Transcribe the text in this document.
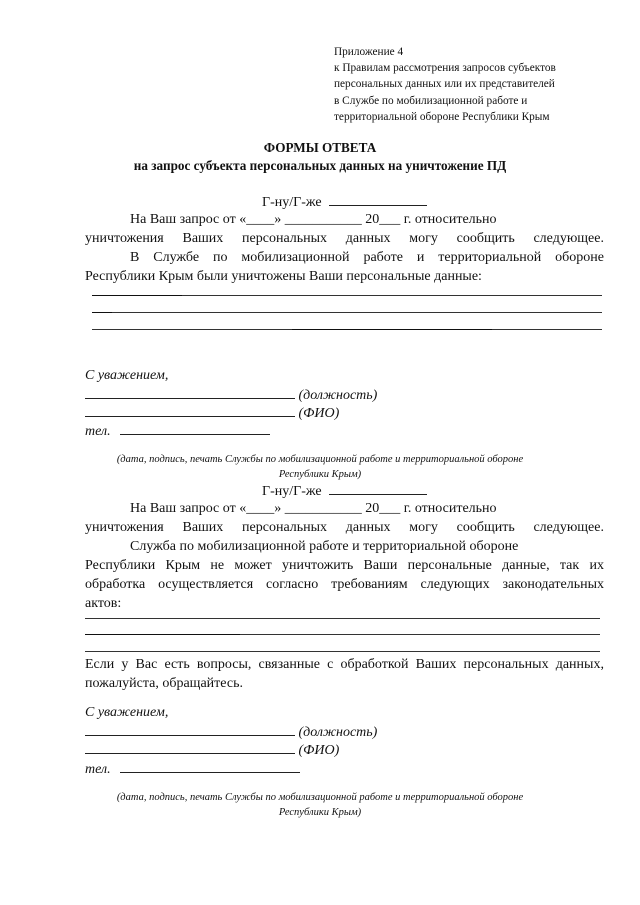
Приложение 4
к Правилам рассмотрения запросов субъектов
персональных данных или их представителей
в Службе по мобилизационной работе и
территориальной обороне Республики Крым
ФОРМЫ ОТВЕТА
на запрос субъекта персональных данных на уничтожение ПД
Г-ну/Г-же
На Ваш запрос от «____» ___________ 20___ г. относительно
уничтожения Ваших персональных данных могу сообщить следующее.
В Службе по мобилизационной работе и территориальной обороне
Республики Крым были уничтожены Ваши персональные данные:
С уважением,
(должность)
(ФИО)
тел.
(дата, подпись, печать Службы по мобилизационной работе и территориальной обороне
Республики Крым)
Г-ну/Г-же
На Ваш запрос от «____» ___________ 20___ г. относительно
уничтожения Ваших персональных данных могу сообщить следующее.
Служба по мобилизационной работе и территориальной обороне
Республики Крым не может уничтожить Ваши персональные данные, так их
обработка осуществляется согласно требованиям следующих законодательных
актов:
Если у Вас есть вопросы, связанные с обработкой Ваших персональных данных,
пожалуйста, обращайтесь.
С уважением,
(должность)
(ФИО)
тел.
(дата, подпись, печать Службы по мобилизационной работе и территориальной обороне
Республики Крым)
